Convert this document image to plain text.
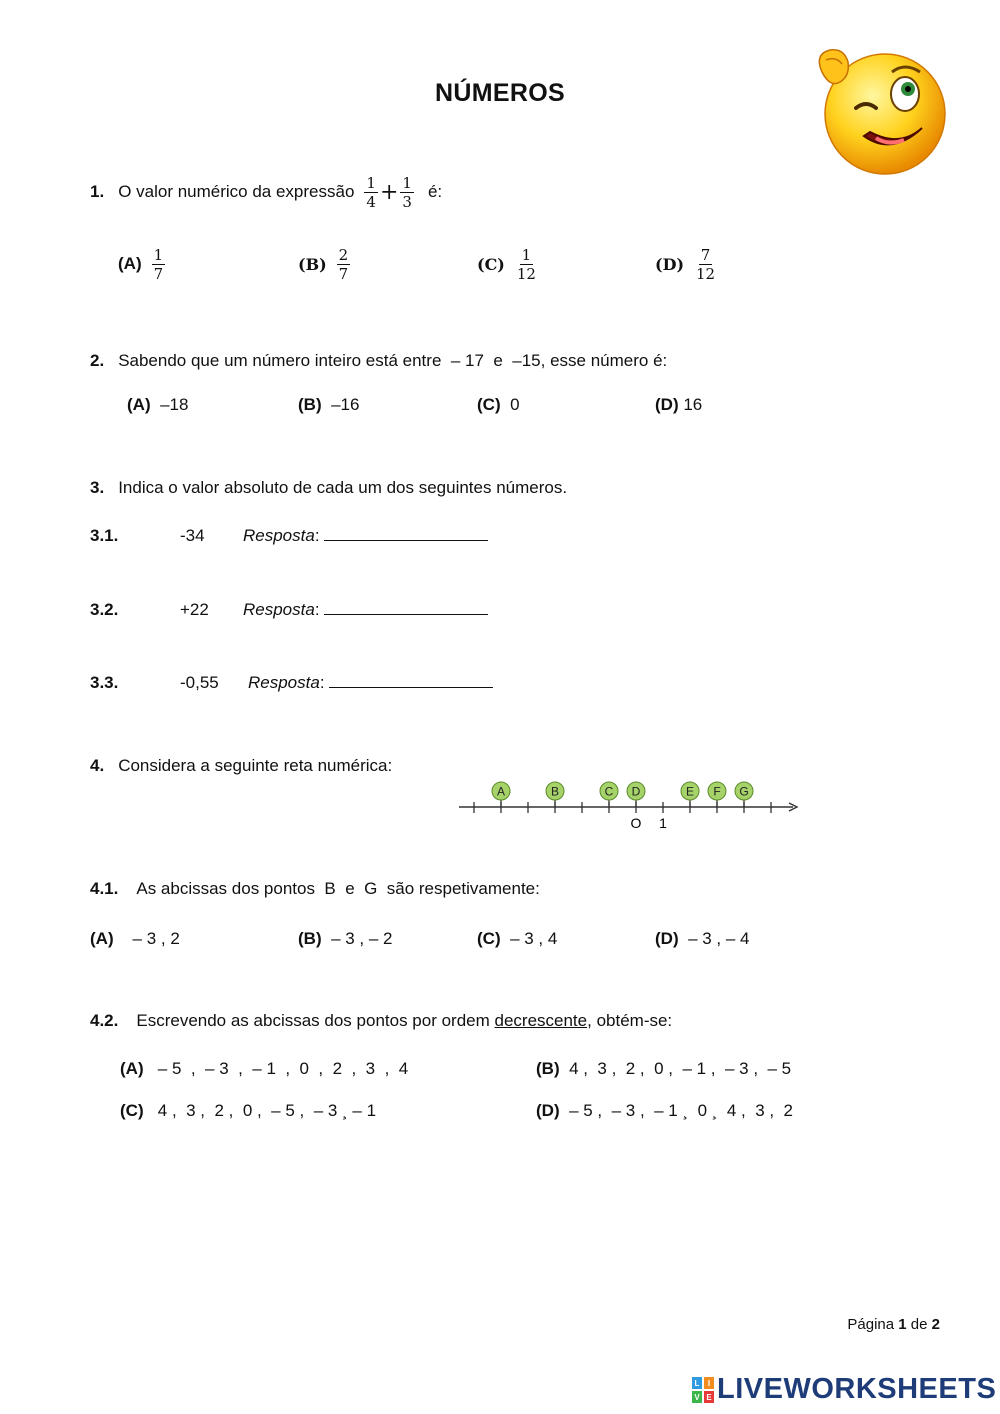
NÚMEROS
1. O valor numérico da expressão $\frac{1}{4} + \frac{1}{3}$ é:
$(A) \frac{1}{7}$	$(B) \frac{2}{7}$	$(C) \frac{1}{12}$	$(D) \frac{7}{12}$
2. Sabendo que um número inteiro está entre  – 17  e  –15, esse número é:
(A) –18	(B) –16	(C) 0	(D) 16
3. Indica o valor absoluto de cada um dos seguintes números.
3.1.	-34 Resposta:
3.2.	+22 Resposta:
3.3.	-0,55 Resposta:
4. Considera a seguinte reta numérica:
A	B	C D	E F G
O 1
4.1. As abcissas dos pontos  B  e  G  são respetivamente:
(A) – 3 , 2	(B) – 3 , – 2	(C) – 3 , 4	(D) – 3 , – 4
4.2. Escrevendo as abcissas dos pontos por ordem decrescente, obtém-se:
(A) – 5  ,  – 3  ,  – 1  ,  0  ,  2  ,  3  ,  4	(B) 4 ,  3 ,  2 ,  0 ,  – 1 ,  – 3 ,  – 5
(C) 4 ,  3 ,  2 ,  0 ,  – 5 ,  – 3 ¸ – 1	(D) – 5 ,  – 3 ,  – 1 ¸  0 ¸  4 ,  3 ,  2
Página 1 de 2
L I
V E LIVEWORKSHEETS
